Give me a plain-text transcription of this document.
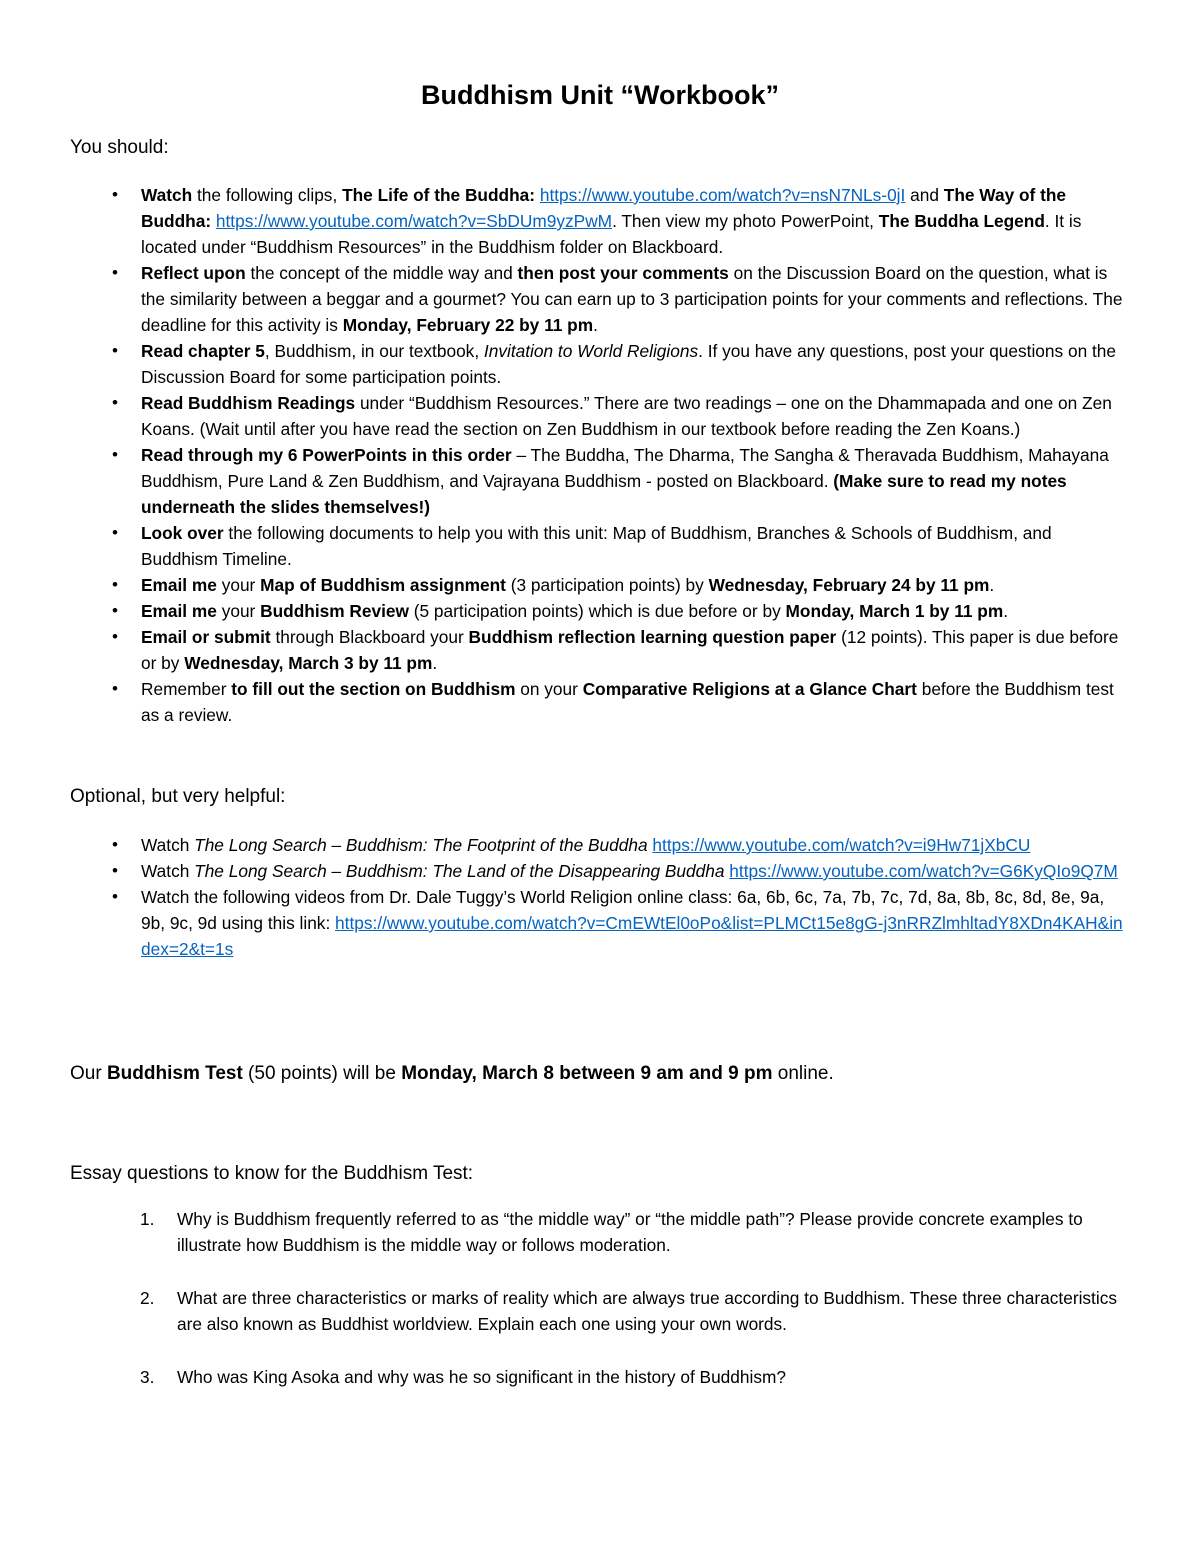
Buddhism Unit “Workbook”
You should:
• Watch the following clips, The Life of the Buddha: https://www.youtube.com/watch?v=nsN7NLs-0jI and The Way of the Buddha: https://www.youtube.com/watch?v=SbDUm9yzPwM. Then view my photo PowerPoint, The Buddha Legend. It is located under “Buddhism Resources” in the Buddhism folder on Blackboard.
• Reflect upon the concept of the middle way and then post your comments on the Discussion Board on the question, what is the similarity between a beggar and a gourmet? You can earn up to 3 participation points for your comments and reflections. The deadline for this activity is Monday, February 22 by 11 pm.
• Read chapter 5, Buddhism, in our textbook, Invitation to World Religions. If you have any questions, post your questions on the Discussion Board for some participation points.
• Read Buddhism Readings under “Buddhism Resources.” There are two readings – one on the Dhammapada and one on Zen Koans. (Wait until after you have read the section on Zen Buddhism in our textbook before reading the Zen Koans.)
• Read through my 6 PowerPoints in this order – The Buddha, The Dharma, The Sangha & Theravada Buddhism, Mahayana Buddhism, Pure Land & Zen Buddhism, and Vajrayana Buddhism - posted on Blackboard. (Make sure to read my notes underneath the slides themselves!)
• Look over the following documents to help you with this unit: Map of Buddhism, Branches & Schools of Buddhism, and Buddhism Timeline.
• Email me your Map of Buddhism assignment (3 participation points) by Wednesday, February 24 by 11 pm.
• Email me your Buddhism Review (5 participation points) which is due before or by Monday, March 1 by 11 pm.
• Email or submit through Blackboard your Buddhism reflection learning question paper (12 points). This paper is due before or by Wednesday, March 3 by 11 pm.
• Remember to fill out the section on Buddhism on your Comparative Religions at a Glance Chart before the Buddhism test as a review.
Optional, but very helpful:
• Watch The Long Search – Buddhism: The Footprint of the Buddha https://www.youtube.com/watch?v=i9Hw71jXbCU
• Watch The Long Search – Buddhism: The Land of the Disappearing Buddha https://www.youtube.com/watch?v=G6KyQIo9Q7M
• Watch the following videos from Dr. Dale Tuggy’s World Religion online class: 6a, 6b, 6c, 7a, 7b, 7c, 7d, 8a, 8b, 8c, 8d, 8e, 9a, 9b, 9c, 9d using this link: https://www.youtube.com/watch?v=CmEWtEl0oPo&list=PLMCt15e8gG-j3nRRZlmhltadY8XDn4KAH&index=2&t=1s
Our Buddhism Test (50 points) will be Monday, March 8 between 9 am and 9 pm online.
Essay questions to know for the Buddhism Test:
1. Why is Buddhism frequently referred to as “the middle way” or “the middle path”? Please provide concrete examples to illustrate how Buddhism is the middle way or follows moderation.
2. What are three characteristics or marks of reality which are always true according to Buddhism. These three characteristics are also known as Buddhist worldview. Explain each one using your own words.
3. Who was King Asoka and why was he so significant in the history of Buddhism?
